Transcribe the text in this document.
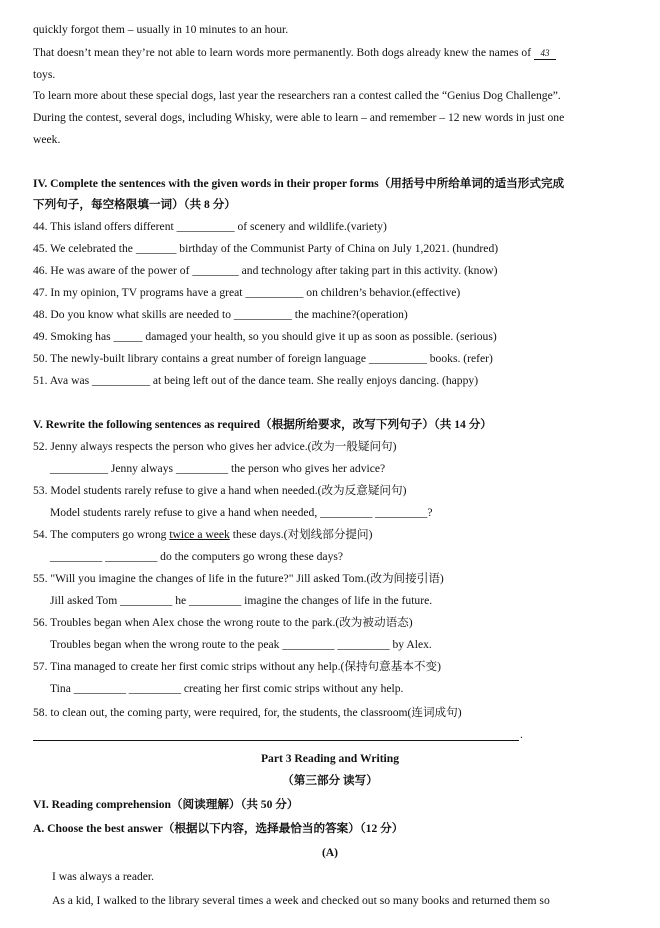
quickly forgot them – usually in 10 minutes to an hour.
That doesn’t mean they’re not able to learn words more permanently. Both dogs already knew the names of 43
toys.
To learn more about these special dogs, last year the researchers ran a contest called the “Genius Dog Challenge”.
During the contest, several dogs, including Whisky, were able to learn – and remember – 12 new words in just one
week.
IV. Complete the sentences with the given words in their proper forms（用括号中所给单词的适当形式完成
下列句子，每空格限填一词）（共 8 分）
44. This island offers different __________ of scenery and wildlife.(variety)
45. We celebrated the _______ birthday of the Communist Party of China on July 1,2021. (hundred)
46. He was aware of the power of ________ and technology after taking part in this activity. (know)
47. In my opinion, TV programs have a great __________ on children’s behavior.(effective)
48. Do you know what skills are needed to __________ the machine?(operation)
49. Smoking has _____ damaged your health, so you should give it up as soon as possible. (serious)
50. The newly-built library contains a great number of foreign language __________ books. (refer)
51. Ava was __________ at being left out of the dance team. She really enjoys dancing. (happy)
V. Rewrite the following sentences as required（根据所给要求，改写下列句子）（共 14 分）
52. Jenny always respects the person who gives her advice.(改为一般疑问句)
__________ Jenny always _________ the person who gives her advice?
53. Model students rarely refuse to give a hand when needed.(改为反意疑问句)
Model students rarely refuse to give a hand when needed, _________ _________?
54. The computers go wrong twice a week these days.(对划线部分提问)
_________ _________ do the computers go wrong these days?
55. "Will you imagine the changes of life in the future?" Jill asked Tom.(改为间接引语)
Jill asked Tom _________ he _________ imagine the changes of life in the future.
56. Troubles began when Alex chose the wrong route to the park.(改为被动语态)
Troubles began when the wrong route to the peak _________ _________ by Alex.
57. Tina managed to create her first comic strips without any help.(保持句意基本不变)
Tina _________ _________ creating her first comic strips without any help.
58. to clean out, the coming party, were required, for, the students, the classroom(连词成句)
.
Part 3 Reading and Writing
（第三部分 读写）
VI. Reading comprehension（阅读理解）（共 50 分）
A. Choose the best answer（根据以下内容，选择最恰当的答案）（12 分）
(A)
I was always a reader.
As a kid, I walked to the library several times a week and checked out so many books and returned them so
